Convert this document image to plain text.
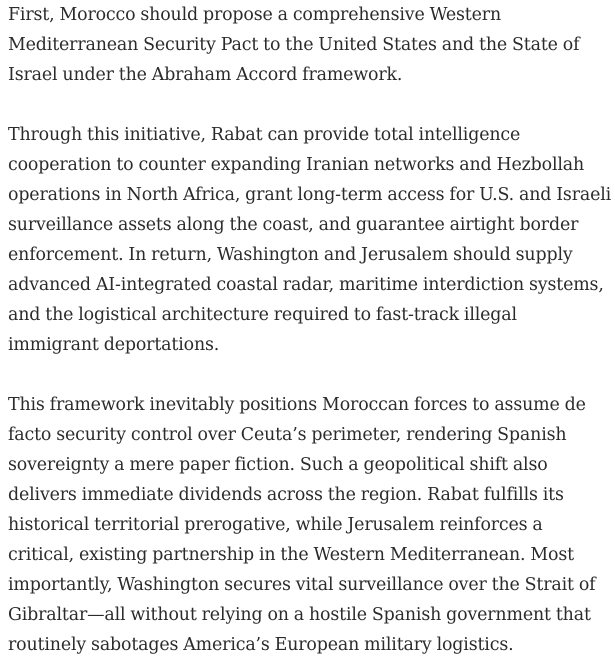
First, Morocco should propose a comprehensive Western Mediterranean Security Pact to the United States and the State of Israel under the Abraham Accord framework.

Through this initiative, Rabat can provide total intelligence cooperation to counter expanding Iranian networks and Hezbollah operations in North Africa, grant long-term access for U.S. and Israeli surveillance assets along the coast, and guarantee airtight border enforcement. In return, Washington and Jerusalem should supply advanced AI-integrated coastal radar, maritime interdiction systems, and the logistical architecture required to fast-track illegal immigrant deportations.

This framework inevitably positions Moroccan forces to assume de facto security control over Ceuta’s perimeter, rendering Spanish sovereignty a mere paper fiction. Such a geopolitical shift also delivers immediate dividends across the region. Rabat fulfills its historical territorial prerogative, while Jerusalem reinforces a critical, existing partnership in the Western Mediterranean. Most importantly, Washington secures vital surveillance over the Strait of Gibraltar—all without relying on a hostile Spanish government that routinely sabotages America’s European military logistics.
